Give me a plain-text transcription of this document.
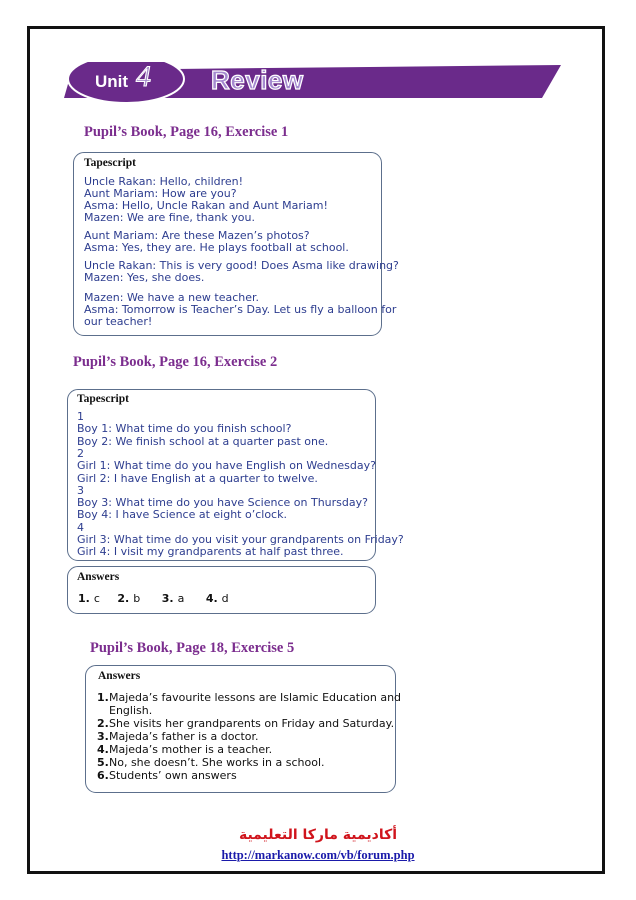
Unit 4 Review
Pupil’s Book, Page 16, Exercise 1
Tapescript
Uncle Rakan: Hello, children!
Aunt Mariam: How are you?
Asma: Hello, Uncle Rakan and Aunt Mariam!
Mazen: We are fine, thank you.
Aunt Mariam: Are these Mazen’s photos?
Asma: Yes, they are. He plays football at school.
Uncle Rakan: This is very good! Does Asma like drawing?
Mazen: Yes, she does.
Mazen: We have a new teacher.
Asma: Tomorrow is Teacher’s Day. Let us fly a balloon for
our teacher!
Pupil’s Book, Page 16, Exercise 2
Tapescript
1
Boy 1: What time do you finish school?
Boy 2: We finish school at a quarter past one.
2
Girl 1: What time do you have English on Wednesday?
Girl 2: I have English at a quarter to twelve.
3
Boy 3: What time do you have Science on Thursday?
Boy 4: I have Science at eight o’clock.
4
Girl 3: What time do you visit your grandparents on Friday?
Girl 4: I visit my grandparents at half past three.
Answers
1. c 2. b 3. a 4. d
Pupil’s Book, Page 18, Exercise 5
Answers
1.Majeda’s favourite lessons are Islamic Education and
English.
2.She visits her grandparents on Friday and Saturday.
3.Majeda’s father is a doctor.
4.Majeda’s mother is a teacher.
5.No, she doesn’t. She works in a school.
6.Students’ own answers
أكاديمية ماركا التعليمية
http://markanow.com/vb/forum.php
